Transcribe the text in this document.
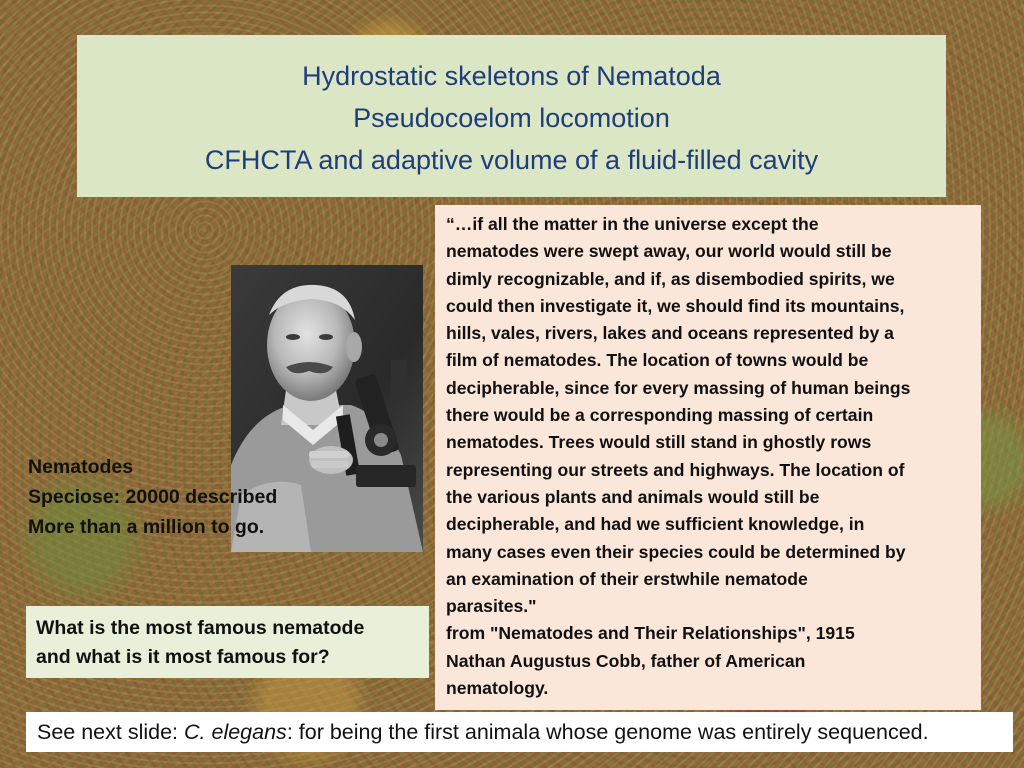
Hydrostatic skeletons of Nematoda
Pseudocoelom locomotion
CFHCTA and adaptive volume of a fluid-filled cavity
Nematodes
Speciose: 20000 described
More than a million to go.
“…if all the matter in the universe except the
nematodes were swept away, our world would still be
dimly recognizable, and if, as disembodied spirits, we
could then investigate it, we should find its mountains,
hills, vales, rivers, lakes and oceans represented by a
film of nematodes. The location of towns would be
decipherable, since for every massing of human beings
there would be a corresponding massing of certain
nematodes. Trees would still stand in ghostly rows
representing our streets and highways. The location of
the various plants and animals would still be
decipherable, and had we sufficient knowledge, in
many cases even their species could be determined by
an examination of their erstwhile nematode
parasites."
from "Nematodes and Their Relationships", 1915
Nathan Augustus Cobb, father of American
nematology.
What is the most famous nematode
and what is it most famous for?
See next slide: C. elegans: for being the first animala whose genome was entirely sequenced.
